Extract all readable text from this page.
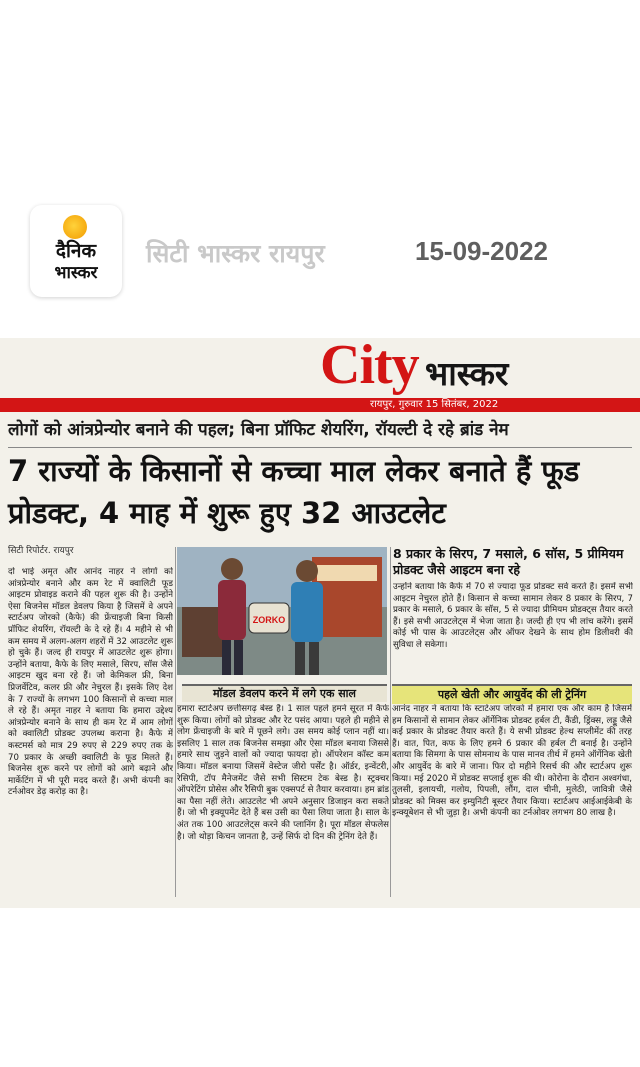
दैनिक
भास्कर
सिटी भास्कर रायपुर	15-09-2022
City भास्कर
रायपुर, गुरुवार 15 सितंबर, 2022
लोगों को आंत्रप्रेन्योर बनाने की पहल; बिना प्रॉफिट शेयरिंग, रॉयल्टी दे रहे ब्रांड नेम
7 राज्यों के किसानों से कच्चा माल लेकर बनाते हैं फूड प्रोडक्ट, 4 माह में शुरू हुए 32 आउटलेट
सिटी रिपोर्टर. रायपुर
दो भाई अमृत और आनंद नाहर ने लोगों को आंत्रप्रेन्योर बनाने और कम रेट में क्वालिटी फूड आइटम प्रोवाइड कराने की पहल शुरू की है। उन्होंने ऐसा बिजनेस मॉडल डेवलप किया है जिसमें वे अपने स्टार्टअप जोरको (कैफे) की फ्रेंचाइजी बिना किसी प्रॉफिट शेयरिंग, रॉयल्टी के दे रहे हैं। 4 महीने से भी कम समय में अलग-अलग शहरों में 32 आउटलेट शुरू हो चुके हैं। जल्द ही रायपुर में आउटलेट शुरू होगा। उन्होंने बताया, कैफे के लिए मसाले, सिरप, सॉस जैसे आइटम खुद बना रहे हैं। जो केमिकल फ्री, बिना प्रिजर्वेटिव, कलर फ्री और नेचुरल हैं। इसके लिए देश के 7 राज्यों के लगभग 100 किसानों से कच्चा माल ले रहे हैं। अमृत नाहर ने बताया कि हमारा उद्देश्य आंत्रप्रेन्योर बनाने के साथ ही कम रेट में आम लोगों को क्वालिटी प्रोडक्ट उपलब्ध कराना है। कैफे में कस्टमर्स को मात्र 29 रुपए से 229 रुपए तक के 70 प्रकार के अच्छी क्वालिटी के फूड मिलते हैं। बिजनेस शुरू करने पर लोगों को आगे बढ़ाने और मार्केटिंग में भी पूरी मदद करते हैं। अभी कंपनी का टर्नओवर डेढ़ करोड़ का है।
ZORKO
8 प्रकार के सिरप, 7 मसाले, 6 सॉस, 5 प्रीमियम प्रोडक्ट जैसे आइटम बना रहे
उन्होंने बताया कि कैफे में 70 से ज्यादा फूड प्रोडक्ट सर्व करते हैं। इसमें सभी आइटम नेचुरल होते हैं। किसान से कच्चा सामान लेकर 8 प्रकार के सिरप, 7 प्रकार के मसाले, 6 प्रकार के सॉस, 5 से ज्यादा प्रीमियम प्रोडक्ट्स तैयार करते हैं। इसे सभी आउटलेट्स में भेजा जाता है। जल्दी ही एप भी लांच करेंगे। इसमें कोई भी पास के आउटलेट्स और ऑफर देखने के साथ होम डिलीवरी की सुविधा ले सकेगा।
मॉडल डेवलप करने में लगे एक साल
हमारा स्टार्टअप छत्तीसगढ़ बेस्ड है। 1 साल पहले हमने सूरत में कैफे शुरू किया। लोगों को प्रोडक्ट और रेट पसंद आया। पहले ही महीने से लोग फ्रेंचाइजी के बारे में पूछने लगे। उस समय कोई प्लान नहीं था। इसलिए 1 साल तक बिजनेस समझा और ऐसा मॉडल बनाया जिससे हमारे साथ जुड़ने वालों को ज्यादा फायदा हो। ऑपरेशन कॉस्ट कम किया। मॉडल बनाया जिसमें वेस्टेज जीरो पर्सेंट है। ऑर्डर, इन्वेंटरी, रेसिपी, टॉप मैनेजमेंट जैसे सभी सिस्टम टेक बेस्ड है। स्ट्रक्चर ऑपरेटिंग प्रोसेस और रैसिपी बुक एक्सपर्ट से तैयार करवाया। हम ब्रांड का पैसा नहीं लेते। आउटलेट भी अपने अनुसार डिजाइन करा सकते हैं। जो भी इक्यूपमेंट देते हैं बस उसी का पैसा लिया जाता है। साल के अंत तक 100 आउटलेट्स करने की प्लानिंग है। पूरा मॉडल सेफलेस है। जो थोड़ा किचन जानता है, उन्हें सिर्फ दो दिन की ट्रेनिंग देते हैं।
पहले खेती और आयुर्वेद की ली ट्रेनिंग
आनंद नाहर ने बताया कि स्टार्टअप जोरको में हमारा एक और काम है जिसमें हम किसानों से सामान लेकर ऑर्गेनिक प्रोडक्ट हर्बल टी, कैंडी, ड्रिंक्स, लड्डू जैसे कई प्रकार के प्रोडक्ट तैयार करते हैं। ये सभी प्रोडक्ट हेल्थ सप्लीमेंट की तरह हैं। वात, पित, कफ के लिए हमने 6 प्रकार की हर्बल टी बनाई है। उन्होंने बताया कि सिमगा के पास सोमनाथ के पास मानव तीर्थ में हमने ऑर्गेनिक खेती और आयुर्वेद के बारे में जाना। फिर दो महीने रिसर्च की और स्टार्टअप शुरू किया। मई 2020 में प्रोडक्ट सप्लाई शुरू की थी। कोरोना के दौरान अश्वगंधा, तुलसी, इलायची, गलोय, पिपली, लौंग, दाल चीनी, मुलेठी, जावित्री जैसे प्रोडक्ट को मिक्स कर इम्युनिटी बूस्टर तैयार किया। स्टार्टअप आईआईकेबी के इन्क्यूबेशन से भी जुड़ा है। अभी कंपनी का टर्नओवर लगभग 80 लाख है।
